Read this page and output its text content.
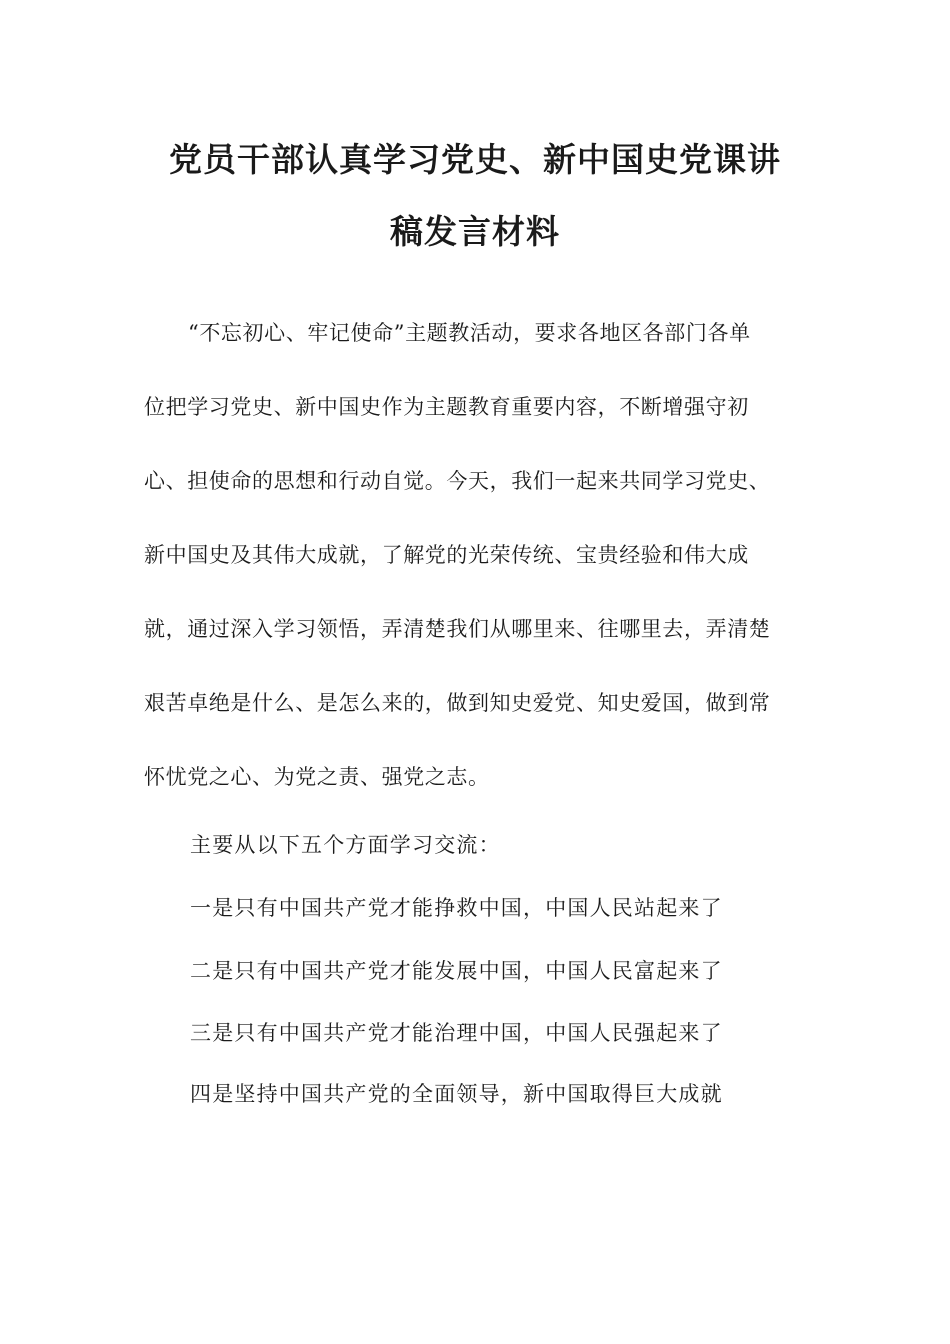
党员干部认真学习党史、新中国史党课讲
稿发言材料
“不忘初心、牢记使命”主题教活动，要求各地区各部门各单
位把学习党史、新中国史作为主题教育重要内容，不断增强守初
心、担使命的思想和行动自觉。今天，我们一起来共同学习党史、
新中国史及其伟大成就，了解党的光荣传统、宝贵经验和伟大成
就，通过深入学习领悟，弄清楚我们从哪里来、往哪里去，弄清楚
艰苦卓绝是什么、是怎么来的，做到知史爱党、知史爱国，做到常
怀忧党之心、为党之责、强党之志。
主要从以下五个方面学习交流：
一是只有中国共产党才能挣救中国，中国人民站起来了
二是只有中国共产党才能发展中国，中国人民富起来了
三是只有中国共产党才能治理中国，中国人民强起来了
四是坚持中国共产党的全面领导，新中国取得巨大成就
